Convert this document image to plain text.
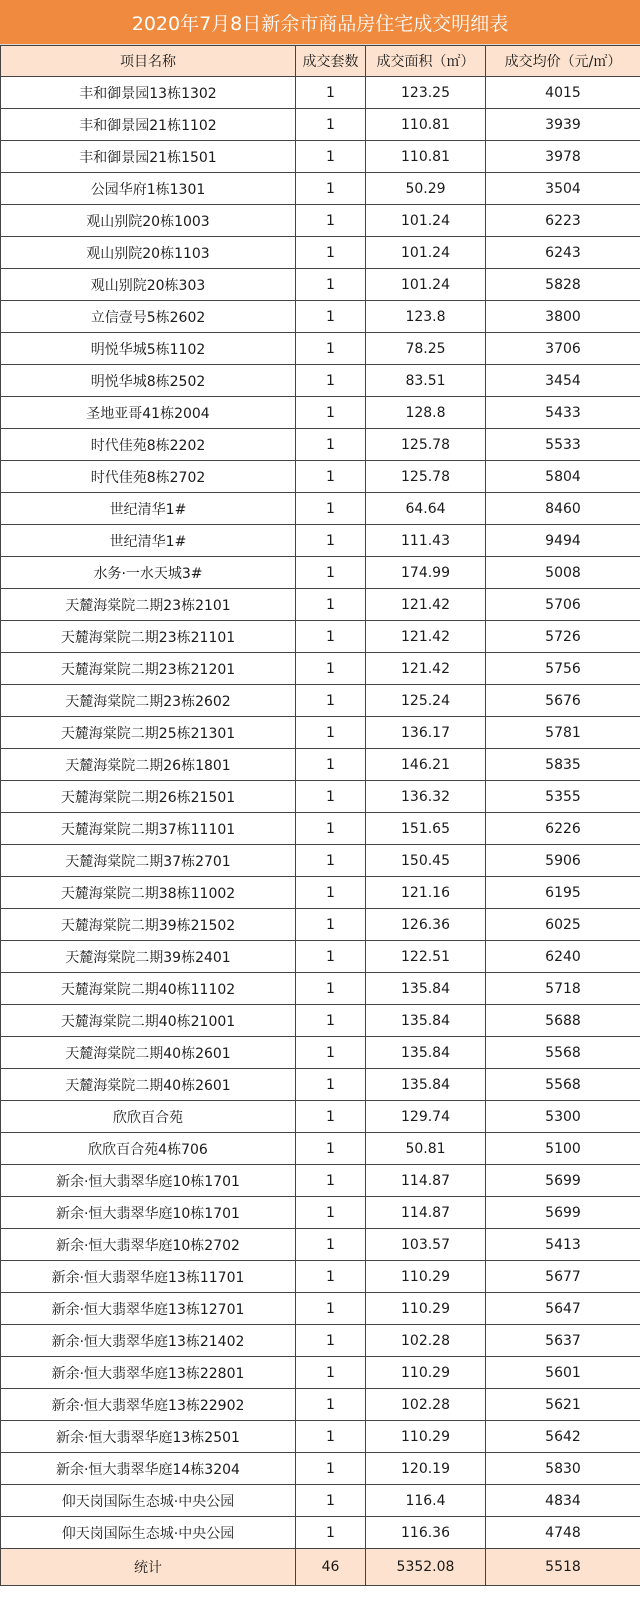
2020年7月8日新余市商品房住宅成交明细表
项目名称	成交套数	成交面积（㎡）	成交均价（元/㎡）
丰和御景园13栋1302	1	123.25	4015
丰和御景园21栋1102	1	110.81	3939
丰和御景园21栋1501	1	110.81	3978
公园华府1栋1301	1	50.29	3504
观山别院20栋1003	1	101.24	6223
观山别院20栋1103	1	101.24	6243
观山别院20栋303	1	101.24	5828
立信壹号5栋2602	1	123.8	3800
明悦华城5栋1102	1	78.25	3706
明悦华城8栋2502	1	83.51	3454
圣地亚哥41栋2004	1	128.8	5433
时代佳苑8栋2202	1	125.78	5533
时代佳苑8栋2702	1	125.78	5804
世纪清华1#	1	64.64	8460
世纪清华1#	1	111.43	9494
水务·一水天城3#	1	174.99	5008
天麓海棠院二期23栋2101	1	121.42	5706
天麓海棠院二期23栋21101	1	121.42	5726
天麓海棠院二期23栋21201	1	121.42	5756
天麓海棠院二期23栋2602	1	125.24	5676
天麓海棠院二期25栋21301	1	136.17	5781
天麓海棠院二期26栋1801	1	146.21	5835
天麓海棠院二期26栋21501	1	136.32	5355
天麓海棠院二期37栋11101	1	151.65	6226
天麓海棠院二期37栋2701	1	150.45	5906
天麓海棠院二期38栋11002	1	121.16	6195
天麓海棠院二期39栋21502	1	126.36	6025
天麓海棠院二期39栋2401	1	122.51	6240
天麓海棠院二期40栋11102	1	135.84	5718
天麓海棠院二期40栋21001	1	135.84	5688
天麓海棠院二期40栋2601	1	135.84	5568
天麓海棠院二期40栋2601	1	135.84	5568
欣欣百合苑	1	129.74	5300
欣欣百合苑4栋706	1	50.81	5100
新余·恒大翡翠华庭10栋1701	1	114.87	5699
新余·恒大翡翠华庭10栋1701	1	114.87	5699
新余·恒大翡翠华庭10栋2702	1	103.57	5413
新余·恒大翡翠华庭13栋11701	1	110.29	5677
新余·恒大翡翠华庭13栋12701	1	110.29	5647
新余·恒大翡翠华庭13栋21402	1	102.28	5637
新余·恒大翡翠华庭13栋22801	1	110.29	5601
新余·恒大翡翠华庭13栋22902	1	102.28	5621
新余·恒大翡翠华庭13栋2501	1	110.29	5642
新余·恒大翡翠华庭14栋3204	1	120.19	5830
仰天岗国际生态城·中央公园	1	116.4	4834
仰天岗国际生态城·中央公园	1	116.36	4748
统计	46	5352.08	5518
